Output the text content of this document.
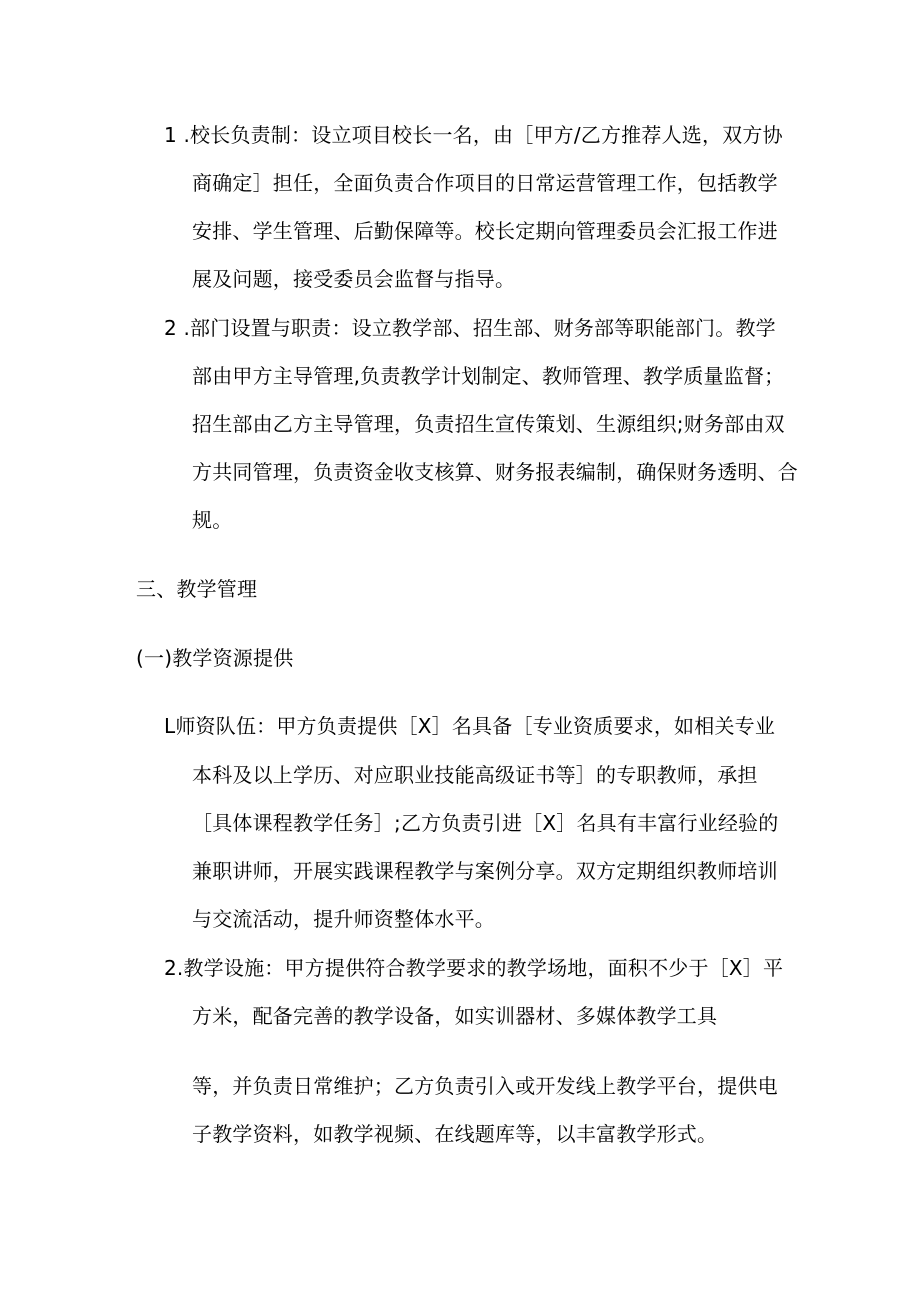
1 .校长负责制：设立项目校长一名，由［甲方/乙方推荐人选，双方协
商确定］担任，全面负责合作项目的日常运营管理工作，包括教学
安排、学生管理、后勤保障等。校长定期向管理委员会汇报工作进
展及问题，接受委员会监督与指导。
2 .部门设置与职责：设立教学部、招生部、财务部等职能部门。教学
部由甲方主导管理,负责教学计划制定、教师管理、教学质量监督；
招生部由乙方主导管理，负责招生宣传策划、生源组织;财务部由双
方共同管理，负责资金收支核算、财务报表编制，确保财务透明、合
规。
三、教学管理
(一)教学资源提供
L师资队伍：甲方负责提供［X］名具备［专业资质要求，如相关专业
本科及以上学历、对应职业技能高级证书等］的专职教师，承担
［具体课程教学任务］;乙方负责引进［X］名具有丰富行业经验的
兼职讲师，开展实践课程教学与案例分享。双方定期组织教师培训
与交流活动，提升师资整体水平。
2.教学设施：甲方提供符合教学要求的教学场地，面积不少于［X］平
方米，配备完善的教学设备，如实训器材、多媒体教学工具
等，并负责日常维护；乙方负责引入或开发线上教学平台，提供电
子教学资料，如教学视频、在线题库等，以丰富教学形式。
